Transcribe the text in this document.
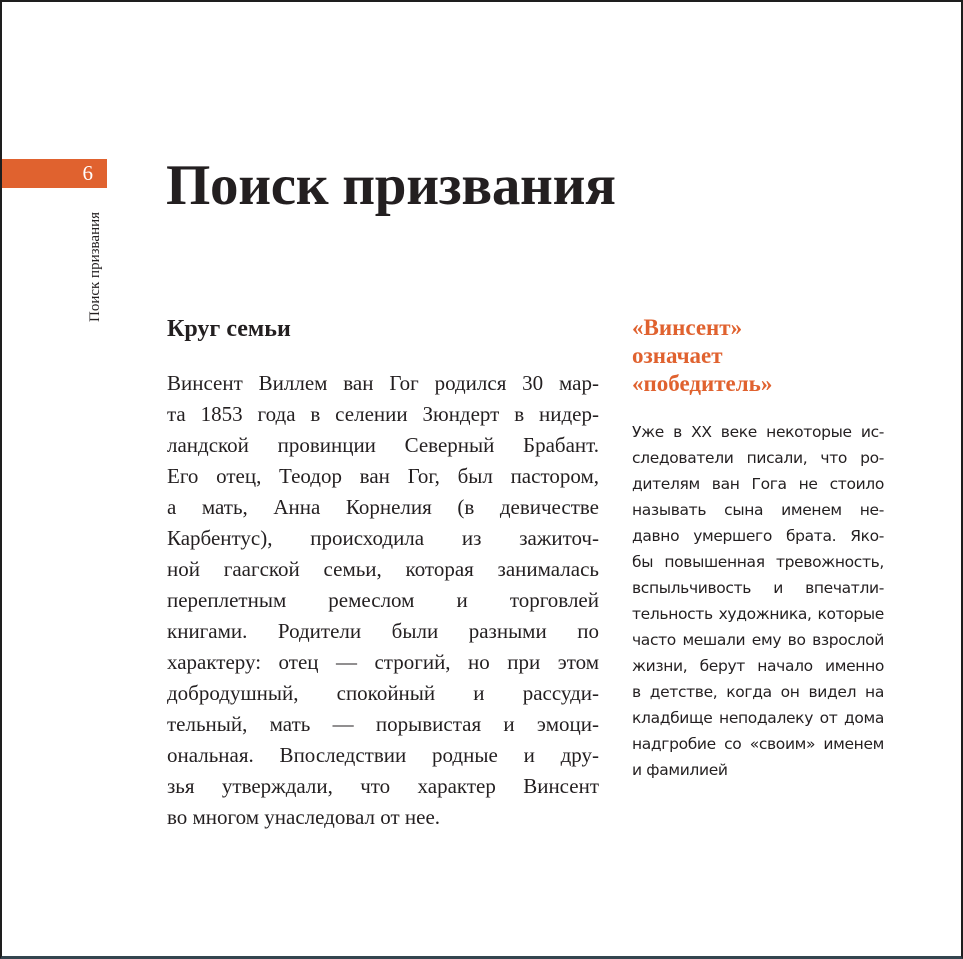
6
Поиск призвания
Поиск призвания
Круг семьи
Винсент Виллем ван Гог родился 30 мар-
та 1853 года в селении Зюндерт в нидер-
ландской провинции Северный Брабант.
Его отец, Теодор ван Гог, был пастором,
а мать, Анна Корнелия (в девичестве
Карбентус), происходила из зажиточ-
ной гаагской семьи, которая занималась
переплетным ремеслом и торговлей
книгами. Родители были разными по
характеру: отец — строгий, но при этом
добродушный, спокойный и рассуди-
тельный, мать — порывистая и эмоци-
ональная. Впоследствии родные и дру-
зья утверждали, что характер Винсент
во многом унаследовал от нее.
«Винсент»
означает
«победитель»
Уже в XX веке некоторые ис-
следователи писали, что ро-
дителям ван Гога не стоило
называть сына именем не-
давно умершего брата. Яко-
бы повышенная тревожность,
вспыльчивость и впечатли-
тельность художника, которые
часто мешали ему во взрослой
жизни, берут начало именно
в детстве, когда он видел на
кладбище неподалеку от дома
надгробие со «своим» именем
и фамилией
